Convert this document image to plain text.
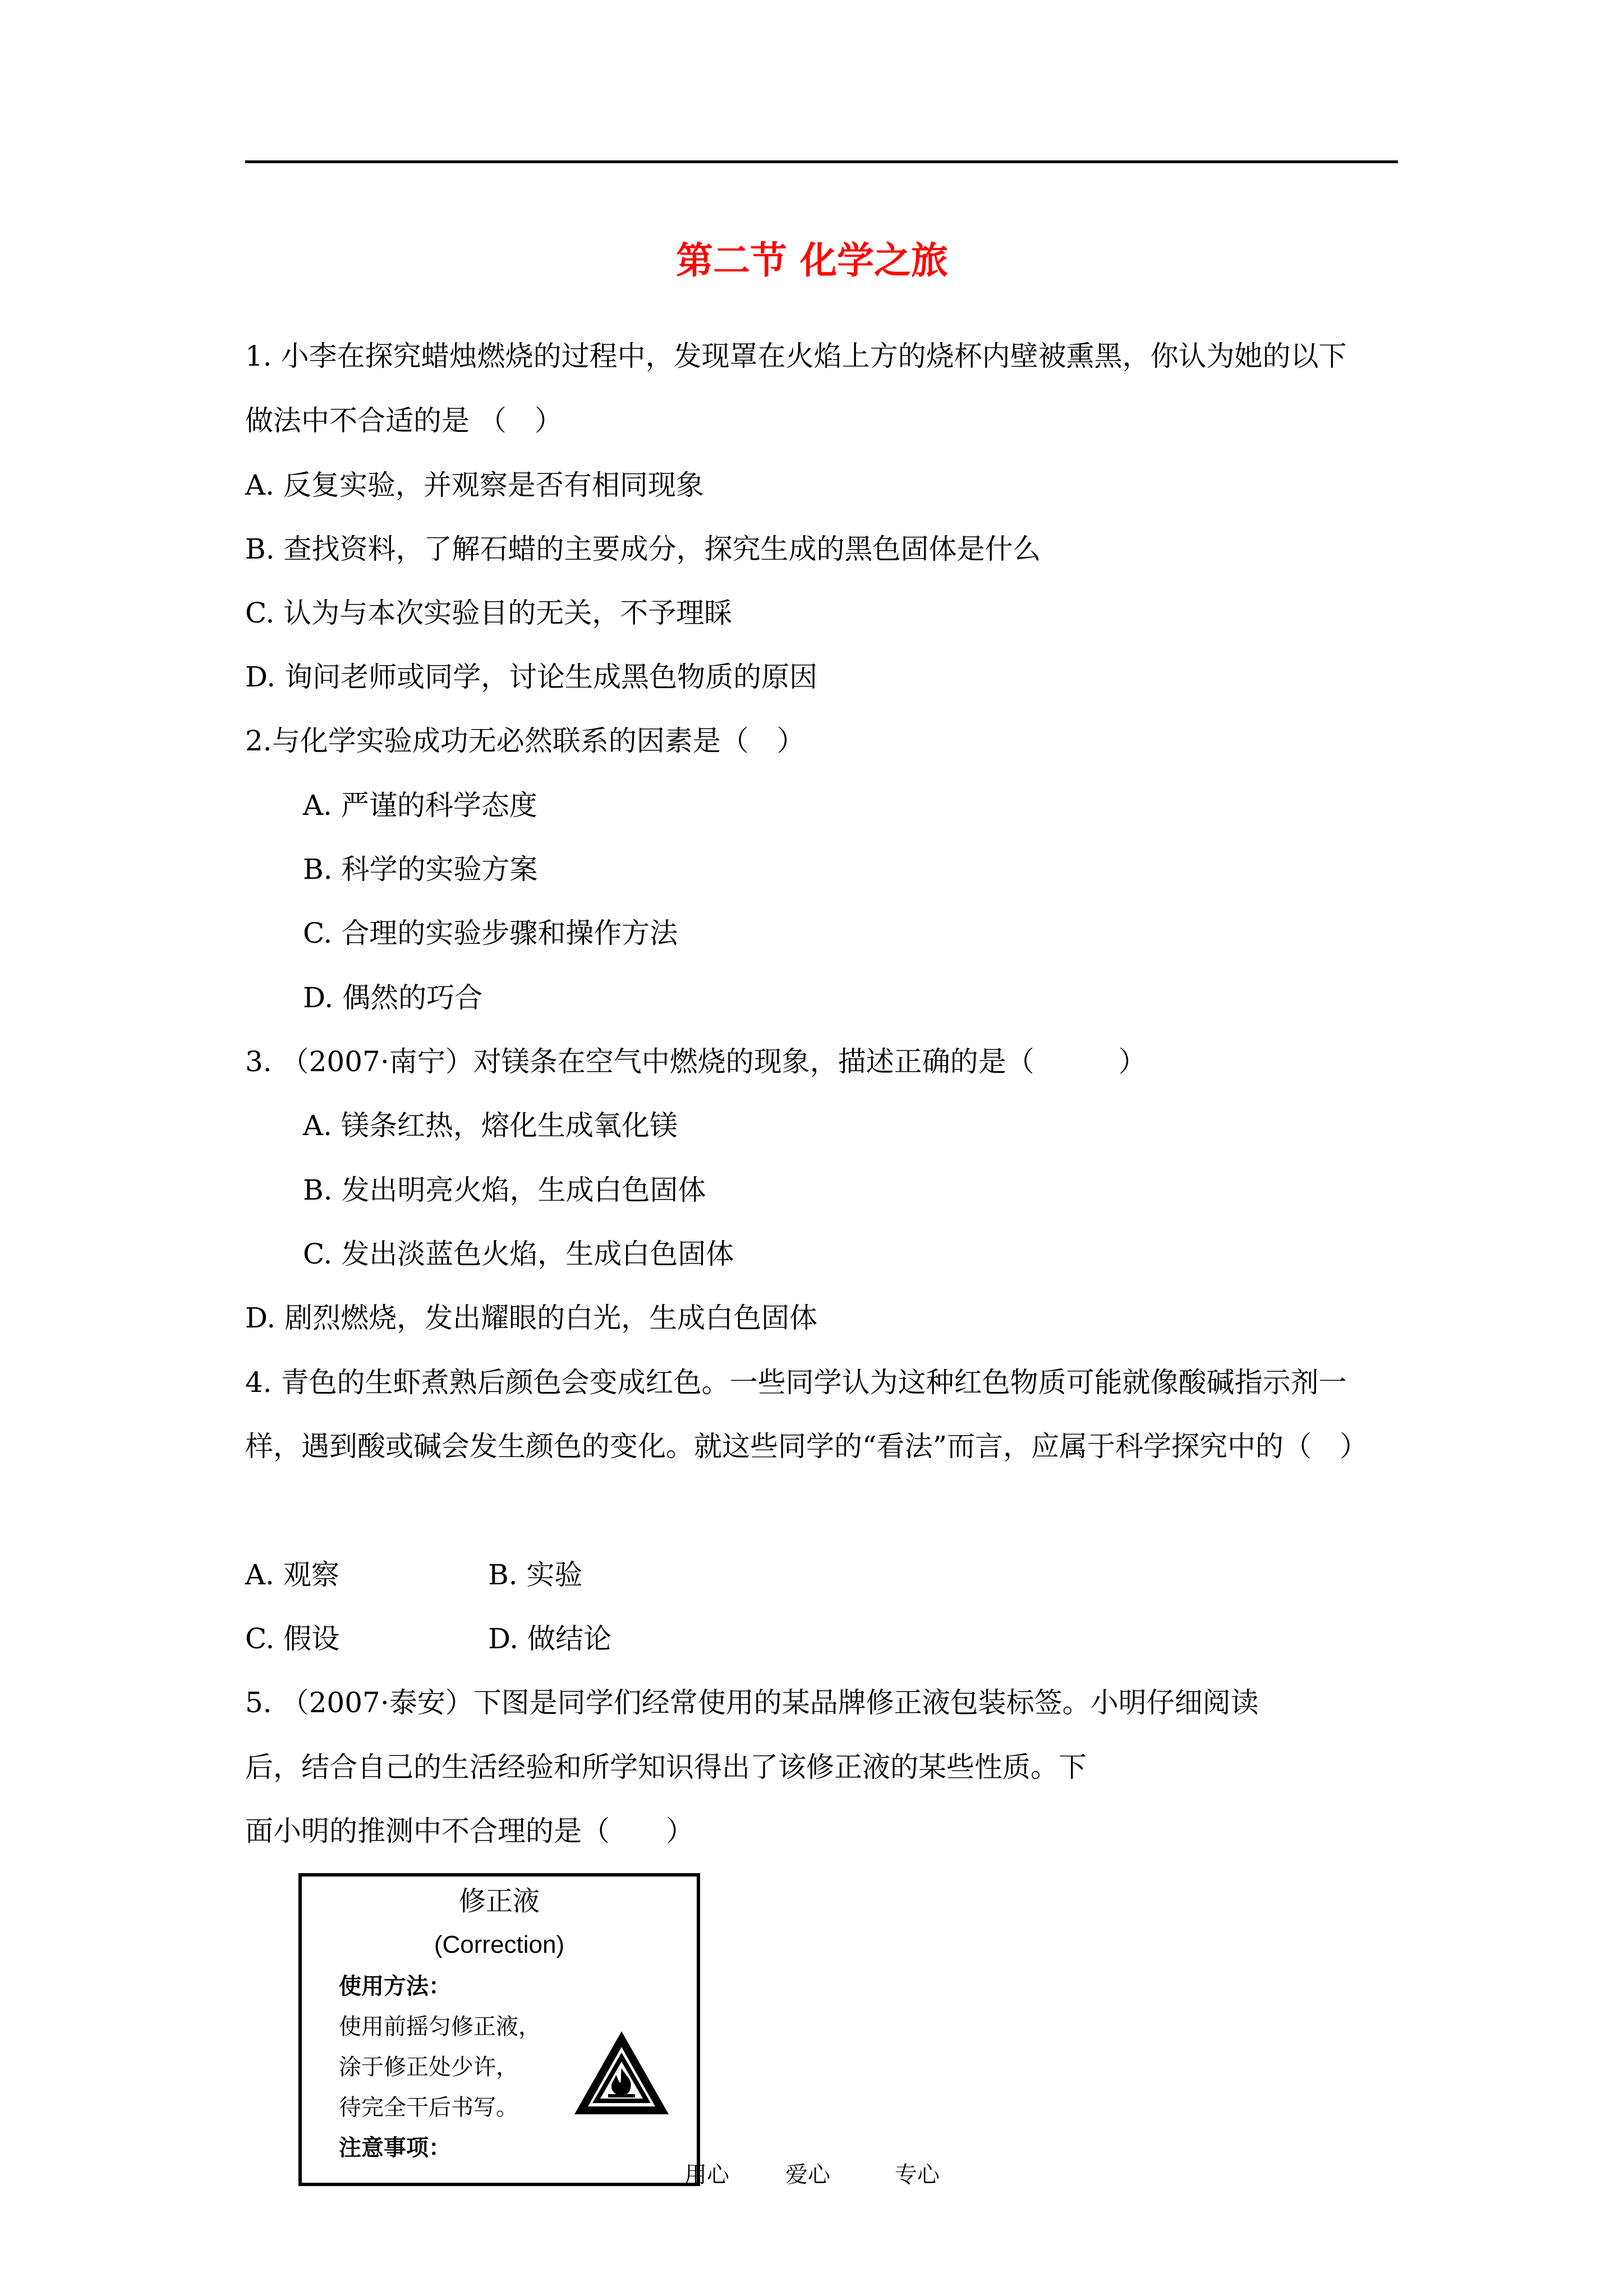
第二节 化学之旅
1. 小李在探究蜡烛燃烧的过程中，发现罩在火焰上方的烧杯内壁被熏黑，你认为她的以下
做法中不合适的是 （　）
A. 反复实验，并观察是否有相同现象
B. 查找资料，了解石蜡的主要成分，探究生成的黑色固体是什么
C. 认为与本次实验目的无关，不予理睬
D. 询问老师或同学，讨论生成黑色物质的原因
2.与化学实验成功无必然联系的因素是（　）
A. 严谨的科学态度
B. 科学的实验方案
C. 合理的实验步骤和操作方法
D. 偶然的巧合
3. （2007·南宁）对镁条在空气中燃烧的现象，描述正确的是（　　　）
A. 镁条红热，熔化生成氧化镁
B. 发出明亮火焰，生成白色固体
C. 发出淡蓝色火焰，生成白色固体
D. 剧烈燃烧，发出耀眼的白光，生成白色固体
4. 青色的生虾煮熟后颜色会变成红色。一些同学认为这种红色物质可能就像酸碱指示剂一
样，遇到酸或碱会发生颜色的变化。就这些同学的“看法”而言，应属于科学探究中的（　）
A. 观察	B. 实验
C. 假设	D. 做结论
5. （2007·泰安）下图是同学们经常使用的某品牌修正液包装标签。小明仔细阅读
后，结合自己的生活经验和所学知识得出了该修正液的某些性质。下
面小明的推测中不合理的是（　　）
修正液
(Correction)
使用方法：
使用前摇匀修正液，
涂于修正处少许，
待完全干后书写。
注意事项：
用心	爱心	专心
